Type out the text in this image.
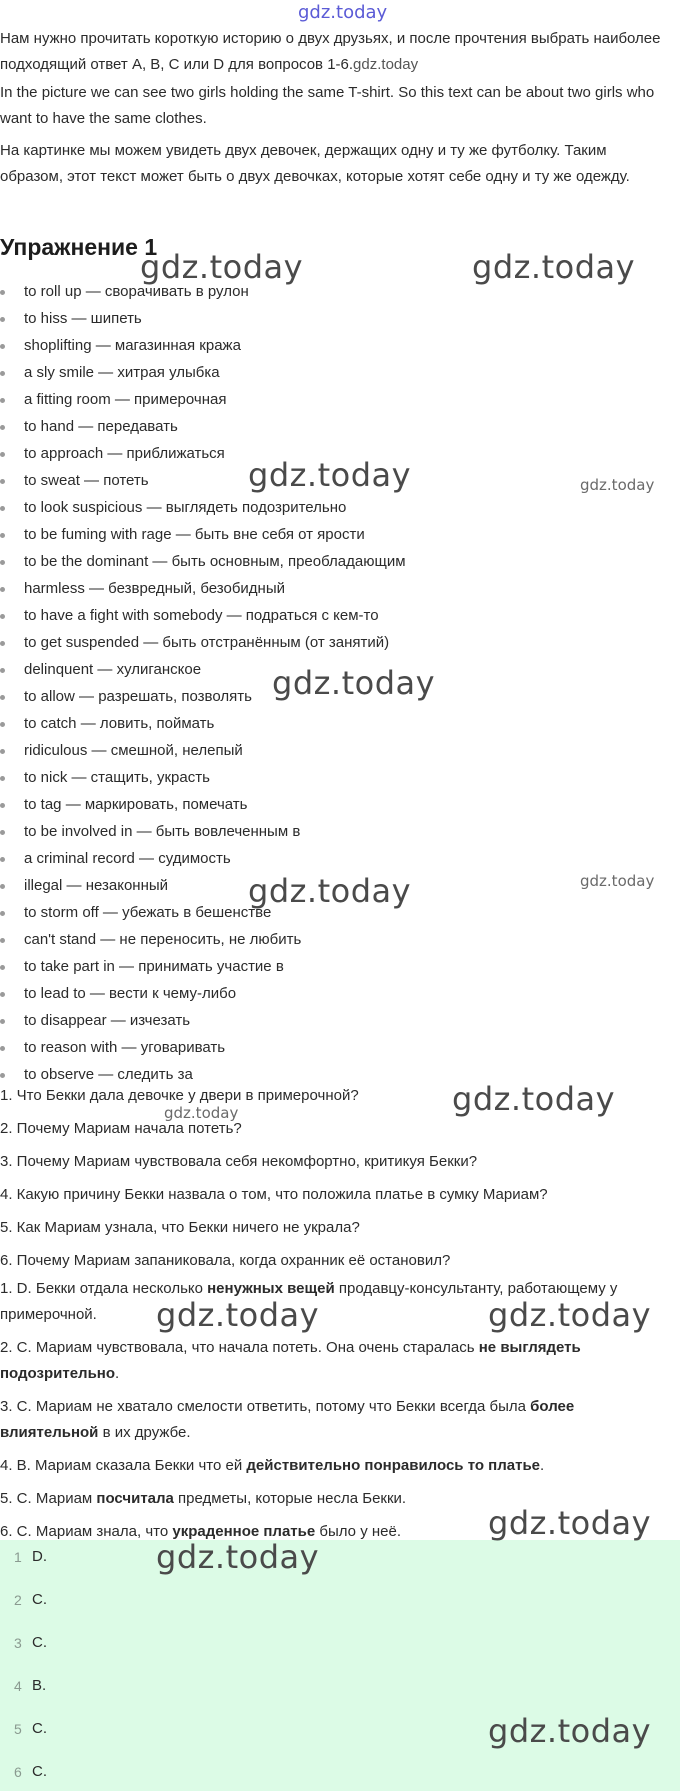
gdz.today
Нам нужно прочитать короткую историю о двух друзьях, и после прочтения выбрать наиболее подходящий ответ A, B, C или D для вопросов 1-6.gdz.today
In the picture we can see two girls holding the same T-shirt. So this text can be about two girls who want to have the same clothes.
На картинке мы можем увидеть двух девочек, держащих одну и ту же футболку. Таким образом, этот текст может быть о двух девочках, которые хотят себе одну и ту же одежду.
Упражнение 1
to roll up — сворачивать в рулон
to hiss — шипеть
shoplifting — магазинная кража
a sly smile — хитрая улыбка
a fitting room — примерочная
to hand — передавать
to approach — приближаться
to sweat — потеть
to look suspicious — выглядеть подозрительно
to be fuming with rage — быть вне себя от ярости
to be the dominant — быть основным, преобладающим
harmless — безвредный, безобидный
to have a fight with somebody — подраться с кем-то
to get suspended — быть отстранённым (от занятий)
delinquent — хулиганское
to allow — разрешать, позволять
to catch — ловить, поймать
ridiculous — смешной, нелепый
to nick — стащить, украсть
to tag — маркировать, помечать
to be involved in — быть вовлеченным в
a criminal record — судимость
illegal — незаконный
to storm off — убежать в бешенстве
can't stand — не переносить, не любить
to take part in — принимать участие в
to lead to — вести к чему-либо
to disappear — изчезать
to reason with — уговаривать
to observe — следить за
1. Что Бекки дала девочке у двери в примерочной?
2. Почему Мариам начала потеть?
3. Почему Мариам чувствовала себя некомфортно, критикуя Бекки?
4. Какую причину Бекки назвала о том, что положила платье в сумку Мариам?
5. Как Мариам узнала, что Бекки ничего не украла?
6. Почему Мариам запаниковала, когда охранник её остановил?

1. D. Бекки отдала несколько ненужных вещей продавцу-консультанту, работающему у примерочной.

2. C. Мариам чувствовала, что начала потеть. Она очень старалась не выглядеть подозрительно.

3. C. Мариам не хватало смелости ответить, потому что Бекки всегда была более влиятельной в их дружбе.

4. B. Мариам сказала Бекки что ей действительно понравилось то платье.

5. C. Мариам посчитала предметы, которые несла Бекки.

6. C. Мариам знала, что украденное платье было у неё.

1 D.
2 C.
3 C.
4 B.
5 C.
6 C.
gdz.today	gdz.today
gdz.today	gdz.today
gdz.today
gdz.today	gdz.today
gdz.today
gdz.today
gdz.today	gdz.today
gdz.today
gdz.today
gdz.today
